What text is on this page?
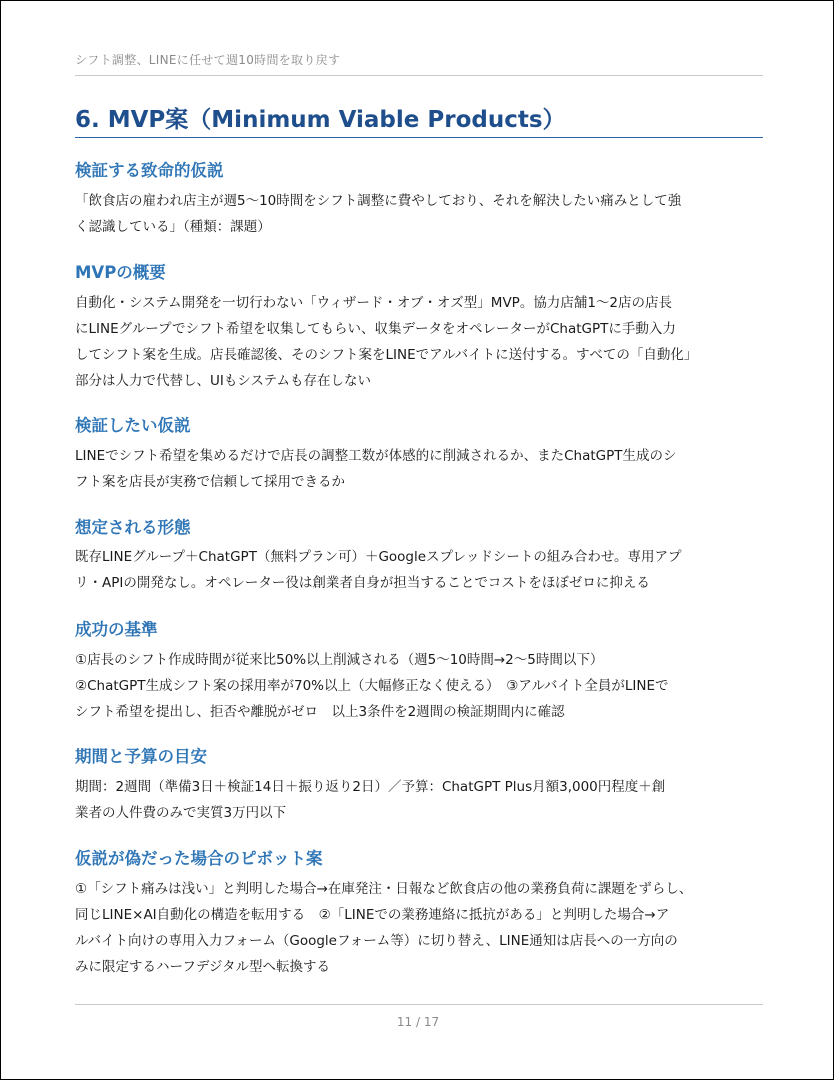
シフト調整、LINEに任せて週10時間を取り戻す
6. MVP案（Minimum Viable Products）
検証する致命的仮説
「飲食店の雇われ店主が週5〜10時間をシフト調整に費やしており、それを解決したい痛みとして強
く認識している」（種類：課題）
MVPの概要
自動化・システム開発を一切行わない「ウィザード・オブ・オズ型」MVP。協力店舗1〜2店の店長
にLINEグループでシフト希望を収集してもらい、収集データをオペレーターがChatGPTに手動入力
してシフト案を生成。店長確認後、そのシフト案をLINEでアルバイトに送付する。すべての「自動化」
部分は人力で代替し、UIもシステムも存在しない
検証したい仮説
LINEでシフト希望を集めるだけで店長の調整工数が体感的に削減されるか、またChatGPT生成のシ
フト案を店長が実務で信頼して採用できるか
想定される形態
既存LINEグループ＋ChatGPT（無料プラン可）＋Googleスプレッドシートの組み合わせ。専用アプ
リ・APIの開発なし。オペレーター役は創業者自身が担当することでコストをほぼゼロに抑える
成功の基準
①店長のシフト作成時間が従来比50%以上削減される（週5〜10時間→2〜5時間以下）
②ChatGPT生成シフト案の採用率が70%以上（大幅修正なく使える）　③アルバイト全員がLINEで
シフト希望を提出し、拒否や離脱がゼロ　以上3条件を2週間の検証期間内に確認
期間と予算の目安
期間：2週間（準備3日＋検証14日＋振り返り2日）／予算：ChatGPT Plus月額3,000円程度＋創
業者の人件費のみで実質3万円以下
仮説が偽だった場合のピボット案
①「シフト痛みは浅い」と判明した場合→在庫発注・日報など飲食店の他の業務負荷に課題をずらし、
同じLINE×AI自動化の構造を転用する　②「LINEでの業務連絡に抵抗がある」と判明した場合→ア
ルバイト向けの専用入力フォーム（Googleフォーム等）に切り替え、LINE通知は店長への一方向の
みに限定するハーフデジタル型へ転換する
11 / 17
